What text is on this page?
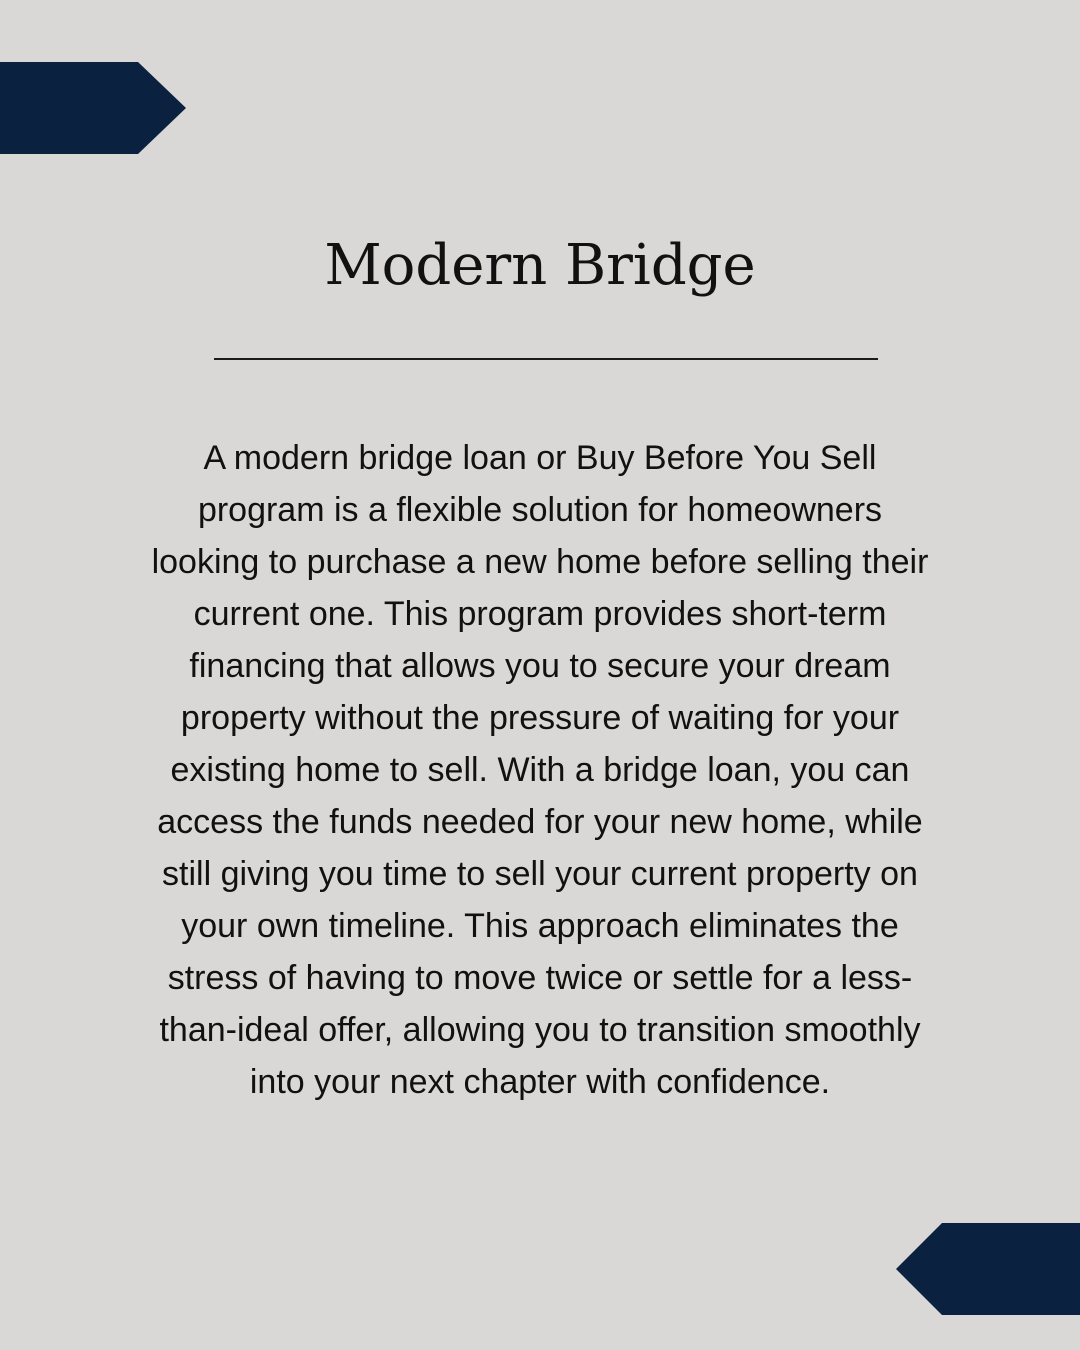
Modern Bridge

A modern bridge loan or Buy Before You Sell program is a flexible solution for homeowners looking to purchase a new home before selling their current one. This program provides short-term financing that allows you to secure your dream property without the pressure of waiting for your existing home to sell. With a bridge loan, you can access the funds needed for your new home, while still giving you time to sell your current property on your own timeline. This approach eliminates the stress of having to move twice or settle for a less-than-ideal offer, allowing you to transition smoothly into your next chapter with confidence.
